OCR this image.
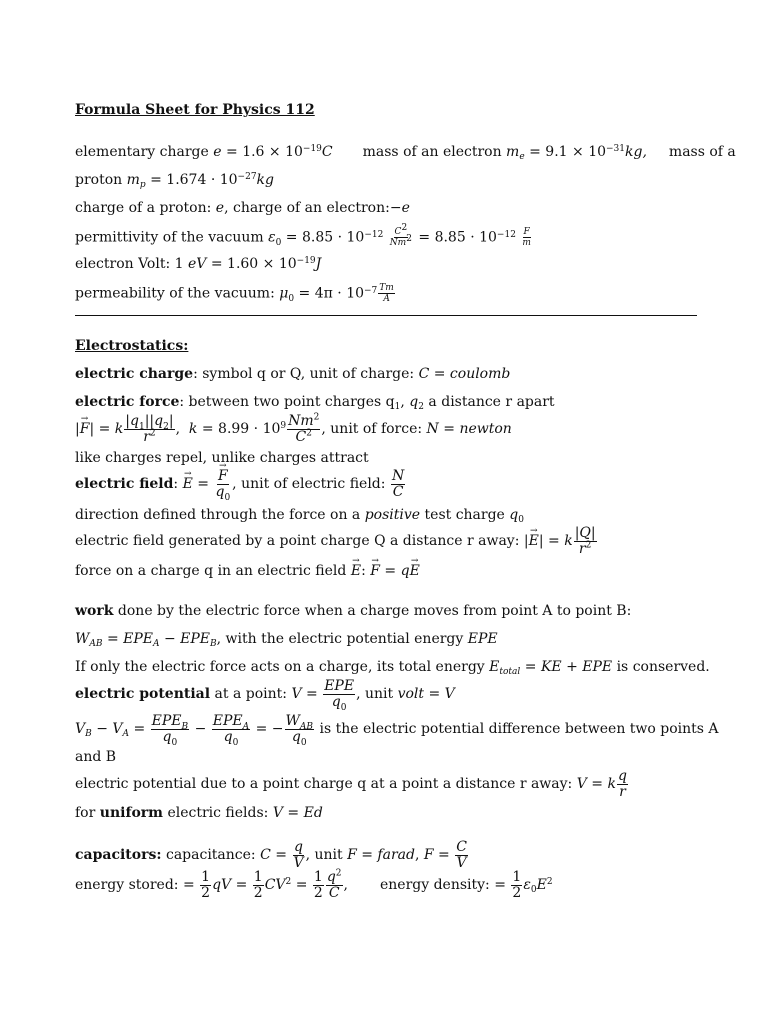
Formula Sheet for Physics 112
elementary charge $e = 1.6 \times 10^{-19}C$ mass of an electron $m_e = 9.1 \times 10^{-31}kg$, mass of a
proton $m_p = 1.674 \cdot 10^{-27}kg$
charge of a proton: e, charge of an electron:−e
permittivity of the vacuum $\varepsilon_0 = 8.85 \cdot 10^{-12} \frac{C^2}{Nm^2} = 8.85 \cdot 10^{-12} \frac{F}{m}$
electron Volt: 1 eV = $1.60 \times 10^{-19}J$
permeability of the vacuum: $\mu_0 = 4\pi \cdot 10^{-7} \frac{Tm}{A}$
Electrostatics:
electric charge: symbol q or Q, unit of charge: C = coulomb
electric force: between two point charges $q_1$, $q_2$ a distance r apart
|→ F| = k $\frac{|q_1||q_2|}{r^2}$ ,  $k = 8.99 \cdot 10^9 \frac{Nm^2}{C^2}$ , unit of force: N = newton
like charges repel, unlike charges attract
electric field: → E =
→ $\frac{F}{q_0}$ , unit of electric field: $\frac{N}{C}$
direction defined through the force on a positive test charge $q_0$
electric field generated by a point charge Q a distance r away: |→ E| = k $\frac{|Q|}{r^2}$
force on a charge q in an electric field → E: → F = q→ E
work done by the electric force when a charge moves from point A to point B:
$W_{AB} = EPE_A - EPE_B$, with the electric potential energy EPE
If only the electric force acts on a charge, its total energy $E_{total}$ = KE + EPE is conserved.
electric potential at a point: V =
EPE
$q_0$
, unit volt = V
$V_B - V_A$ =
$EPE_B$
$q_0$
−
$EPE_A$
$q_0$
= −
$W_{AB}$
$q_0$
is the electric potential difference between two points A
and B
electric potential due to a point charge q at a point a distance r away: V = k $\frac{q}{r}$
for uniform electric fields: V = Ed
capacitors: capacitance: $C = \frac{q}{V}$ , unit F = farad, $F = \frac{C}{V}$
energy stored: = $\frac{1}{2}$ qV = $\frac{1}{2} CV^2 = \frac{1}{2} \frac{q^2}{C}$ , energy density: = $\frac{1}{2} \varepsilon_0E^2$
